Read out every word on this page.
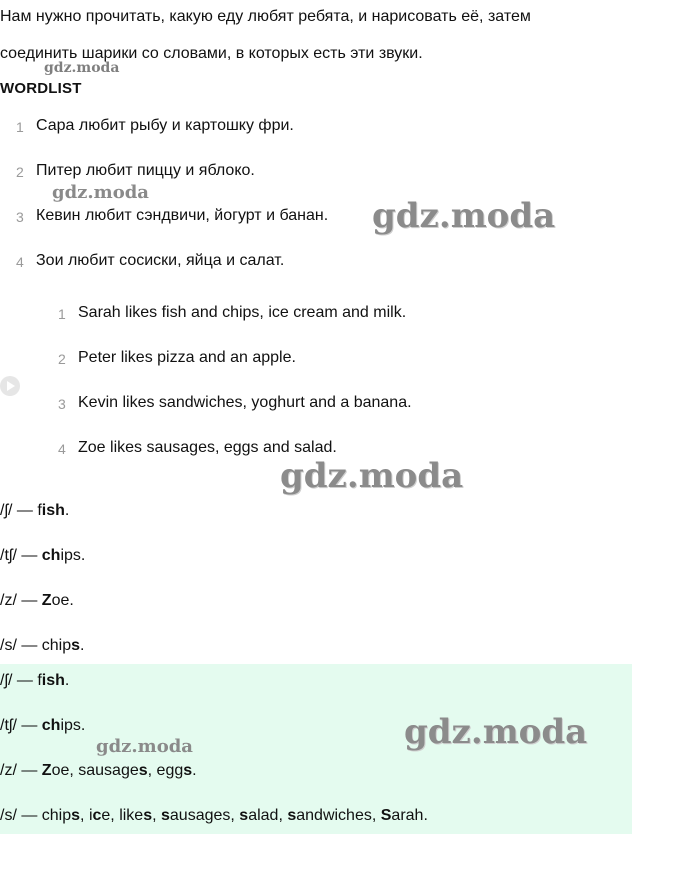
Нам нужно прочитать, какую еду любят ребята, и нарисовать её, затем
соединить шарики со словами, в которых есть эти звуки.
WORDLIST
1 Сара любит рыбу и картошку фри.
2 Питер любит пиццу и яблоко.
3 Кевин любит сэндвичи, йогурт и банан.
4 Зои любит сосиски, яйца и салат.
1 Sarah likes fish and chips, ice cream and milk.
2 Peter likes pizza and an apple.
3 Kevin likes sandwiches, yoghurt and a banana.
4 Zoe likes sausages, eggs and salad.
/ʃ/ — fish.
/tʃ/ — chips.
/z/ — Zoe.
/s/ — chips.
/ʃ/ — fish.
/tʃ/ — chips.
/z/ — Zoe, sausages, eggs.
/s/ — chips, ice, likes, sausages, salad, sandwiches, Sarah.
gdz.moda
gdz.moda
gdz.moda
gdz.moda
gdz.moda	gdz.moda
